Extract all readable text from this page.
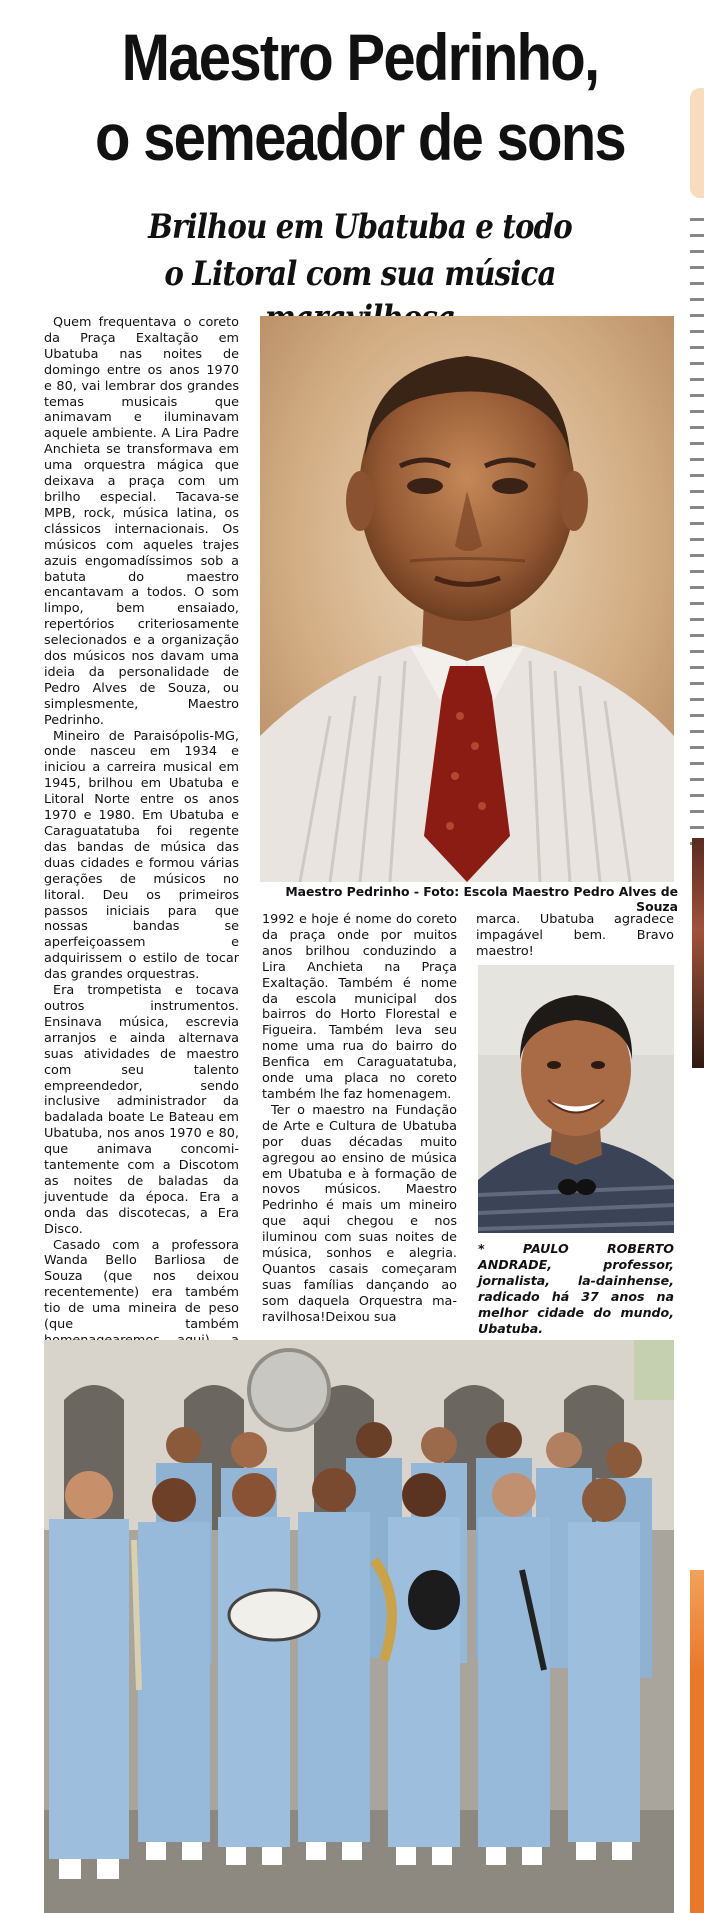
Maestro Pedrinho,
o semeador de sons
Brilhou em Ubatuba e todo
o Litoral com sua música

Quem frequentava o coreto da Praça Exaltação em Ubatuba nas noites de domingo entre os anos 1970 e 80, vai lembrar dos grandes temas musicais que animavam e iluminavam aquele ambiente. A Lira Padre Anchieta se transformava em uma orquestra mágica que deixava a praça com um brilho especial. Tacava-se MPB, rock, música latina, os clássicos internacionais. Os músicos com aqueles trajes azuis engomadíssimos sob a batuta do maestro encantavam a todos. O som limpo, bem ensaiado, repertórios criteriosamente selecionados e a organização dos músicos nos davam uma ideia da personalidade de Pedro Alves de Souza, ou simplesmente, Maestro Pedrinho.

Mineiro de Paraisópolis-MG, onde nasceu em 1934 e iniciou a carreira musical em 1945, brilhou em Ubatuba e Litoral Norte entre os anos 1970 e 1980. Em Ubatuba e Caraguatatuba foi regente das bandas de música das duas cidades e formou várias gerações de músicos no litoral. Deu os primeiros passos iniciais para que nossas bandas se aperfeiçoassem e adquirissem o estilo de tocar das grandes orquestras.

Era trompetista e tocava outros instrumentos. Ensinava música, escrevia arranjos e ainda alternava suas atividades de maestro com seu talento empreendedor, sendo inclusive administrador da badalada boate Le Bateau em Ubatuba, nos anos 1970 e 80, que animava concomi-tantemente com a Discotom as noites de baladas da juventude da época. Era a onda das discotecas, a Era Disco.

Casado com a professora Wanda Bello Barliosa de Souza (que nos deixou recentemente) era também tio de uma mineira de peso (que também

Maestro Pedrinho - Foto: Escola Maestro Pedro Alves de Souza

1992 e hoje é nome do coreto da praça onde por muitos anos brilhou conduzindo a Lira Anchieta na Praça Exaltação. Também é nome da escola municipal dos bairros do Horto Florestal e Figueira. Também leva seu nome uma rua do bairro do Benfica em Caraguatatuba, onde uma placa no coreto também lhe faz homenagem.

Ter o maestro na Fundação de Arte e Cultura de Ubatuba por duas décadas muito agregou ao ensino de música em Ubatuba e à formação de novos músicos. Maestro Pedrinho é mais um mineiro que aqui chegou e nos iluminou com suas noites de música, sonhos e alegria. Quantos casais começaram suas famílias dançando ao som daquela Orquestra ma-ravilhosa!Deixou sua

marca. Ubatuba agradece impagável bem. Bravo maestro!

* PAULO ROBERTO ANDRADE, professor, jornalista, la-dainhense, radicado há 37 anos na melhor cidade do mundo, Ubatuba.
